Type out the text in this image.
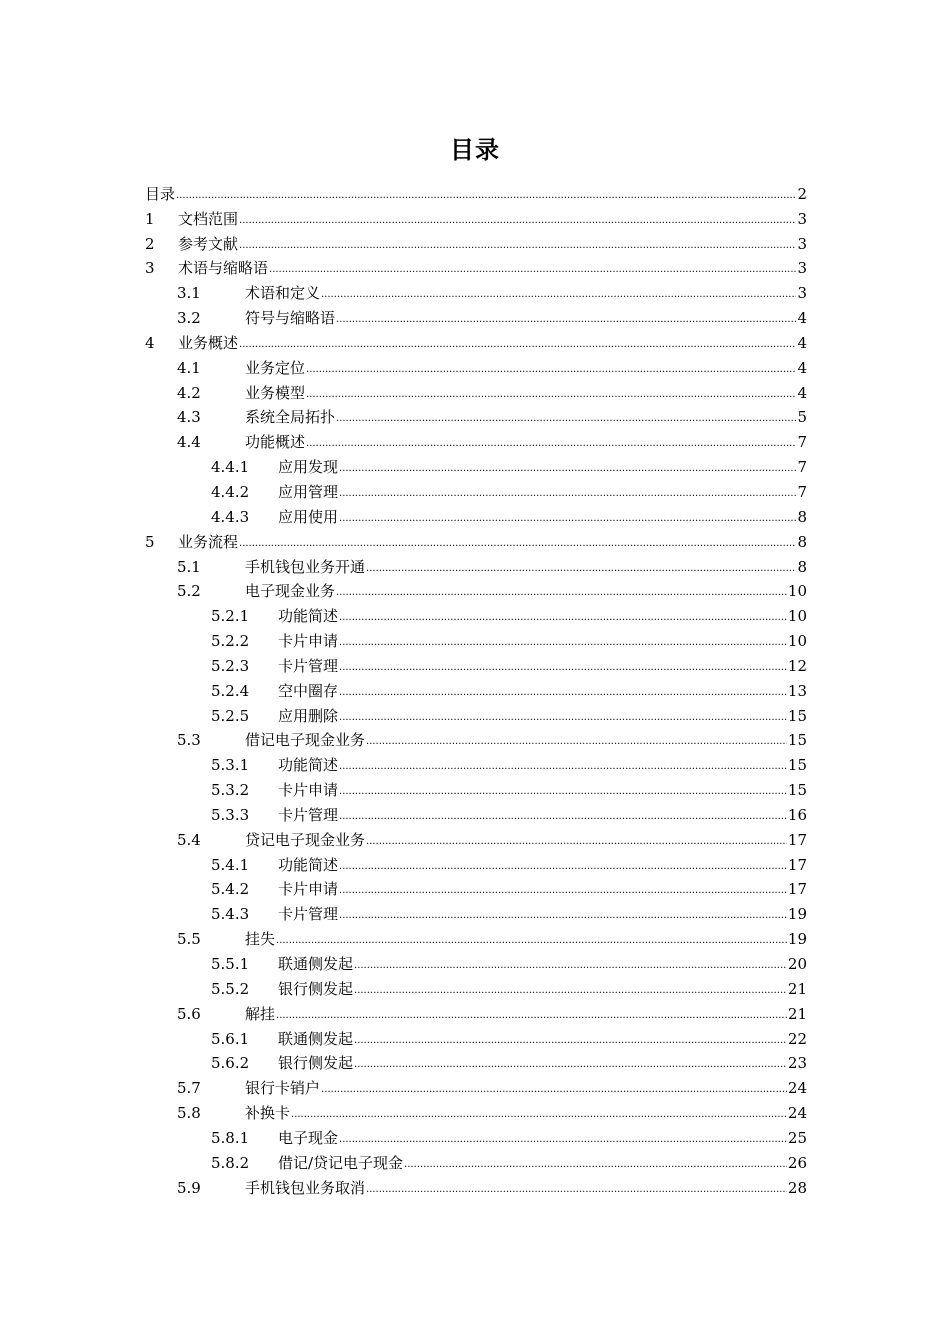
目录
目录 .....	2
1	文档范围 .....	3
2	参考文献 .....	3
3	术语与缩略语 .....	3
3.1	术语和定义 .....	3
3.2	符号与缩略语 .....	4
4	业务概述 .....	4
4.1	业务定位 .....	4
4.2	业务模型 .....	4
4.3	系统全局拓扑 .....	5
4.4	功能概述 .....	7
4.4.1	应用发现 .....	7
4.4.2	应用管理 .....	7
4.4.3	应用使用 .....	8
5	业务流程 .....	8
5.1	手机钱包业务开通 .....	8
5.2	电子现金业务 .....	10
5.2.1	功能简述 .....	10
5.2.2	卡片申请 .....	10
5.2.3	卡片管理 .....	12
5.2.4	空中圈存 .....	13
5.2.5	应用删除 .....	15
5.3	借记电子现金业务 .....	15
5.3.1	功能简述 .....	15
5.3.2	卡片申请 .....	15
5.3.3	卡片管理 .....	16
5.4	贷记电子现金业务 .....	17
5.4.1	功能简述 .....	17
5.4.2	卡片申请 .....	17
5.4.3	卡片管理 .....	19
5.5	挂失 .....	19
5.5.1	联通侧发起 .....	20
5.5.2	银行侧发起 .....	21
5.6	解挂 .....	21
5.6.1	联通侧发起 .....	22
5.6.2	银行侧发起 .....	23
5.7	银行卡销户 .....	24
5.8	补换卡 .....	24
5.8.1	电子现金 .....	25
5.8.2	借记/贷记电子现金 .....	26
5.9	手机钱包业务取消 .....	28
